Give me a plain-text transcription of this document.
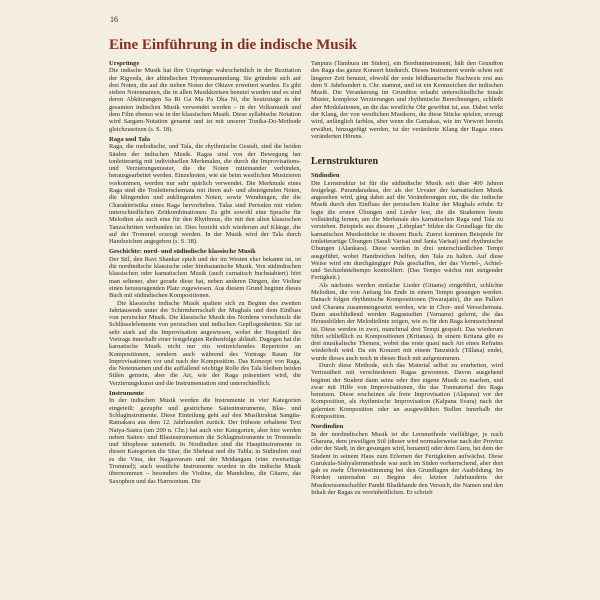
16
Eine Einführung in die indische Musik
Ursprünge

Die indische Musik hat ihre Ursprünge wahrscheinlich in der Rezitation der Rigveda, der altindischen Hymnensammlung. Sie gründete sich auf drei Noten, die auf die sieben Noten der Oktave erweitert wurden. Es gibt sieben Notennamen, die in allen Musikkreisen benutzt wurden und es sind deren Abkürzungen Sa Ri Ga Ma Pa Dha Ni, die heutzutage in der gesamten indischen Musik verwendet werden – in der Volksmusik und dem Film ebenso wie in der klassischen Musik. Diese syllabische Notation wird Sargam-Notation genannt und ist mit unserer Tonika-Do-Methode gleichzusetzen (s. S. 18).

Raga und Tala

Raga, die melodische, und Tala, die rhythmische Gestalt, sind die beiden Säulen der indischen Musik. Ragas sind von der Bewegung her tonleiterartig mit individuellen Merkmalen, die durch die Improvisations- und Verzierungsmuster, die die Noten miteinander verbinden, herausgearbeitet werden. Einzelnoten, wie sie beim westlichen Musizieren vorkommen, werden nur sehr spärlich verwendet. Die Merkmale eines Raga sind die Tonleiterschemata mit ihren auf- und absteigenden Noten, die klingenden und anklingenden Noten, sowie Wendungen, die die Charakteristika eines Raga hervorheben. Talas sind Perioden mit vielen unterschiedlichen Zeitkombinationen. Es gibt sowohl eine Sprache für Melodien als auch eine für den Rhythmus, die mit den alten klassischen Tanzschritten verbunden ist. Dies bezieht sich wiederum auf Klänge, die auf der Trommel erzeugt werden. In der Musik wird der Tala durch Handzeichen angegeben (s. S. 38).

Geschichte: nord- und südindische klassische Musik

Der Stil, den Ravi Shankar spielt und der im Westen eher bekannt ist, ist die nordindische klassische oder hindustanische Musik. Von südindischen klassischen oder karnatischen Musik (auch carnatisch buchstabiert) hört man seltener, aber gerade diese hat, neben anderen Dingen, der Violine einen herausragenden Platz zugewiesen. Aus diesem Grund beginnt dieses Buch mit südindischen Kompositionen.

Die klassische indische Musik spaltete sich zu Beginn des zweiten Jahrtausends unter der Schirmherrschaft der Mughals und dem Einfluss von persischer Musik. Die klassische Musik des Nordens verschmolz die Schlüsselelemente von persischen und indischen Gepflogenheiten. Sie ist sehr stark auf die Improvisation angewiesen, wobei der Hauptteil des Vortrags innerhalb einer festgelegten Reihenfolge abläuft. Dagegen hat die karnatische Musik nicht nur ein weitreichendes Repertoire an Kompositionen, sondern auch während des Vortrags Raum für Improvisationen vor und nach der Komposition. Das Konzept von Raga, die Notennamen und die auffallend wichtige Rolle des Tala bleiben beiden Stilen gemein, aber die Art, wie der Raga präsentiert wird, die Verzierungskunst und die Instrumentation sind unterschiedlich.

Instrumente

In der indischen Musik werden die Instrumente in vier Kategorien eingeteilt: gezupfte und gestrichene Saiteninstrumente, Blas- und Schlaginstrumente. Diese Einteilung geht auf den Musiktraktat Sangita-Ratnakara aus dem 12. Jahrhundert zurück. Der früheste erhaltene Text Natya-Sastra (um 200 n. Chr.) hat auch vier Kategorien, aber hier werden neben Saiten- und Blasinstrumenten die Schlaginstrumente in Trommeln und Idiophone unterteilt. In Nordindien sind die Hauptinstrumente in diesen Kategorien die Sitar, die Shehnai und die Tabla; in Südindien sind es die Vina, der Nagasvaram und der Mridangam (eine zweiseitige Trommel); auch westliche Instrumente wurden in die indische Musik übernommen – besonders die Violine, die Mandoline, die Gitarre, das Saxophon und das Harmonium. Die

Tanpura (Tambura im Süden), ein Borduninstrument, hält den Grundton des Raga das ganze Konzert hindurch. Dieses Instrument wurde schon seit längerer Zeit benutzt, obwohl der erste bildhauerische Nachweis erst aus dem 9. Jahrhundert n. Chr. stammt, und ist ein Kennzeichen der indischen Musik. Die Verankerung im Grundton erlaubt unterschiedliche tonale Muster, komplexe Verzierungen und rhythmische Berechnungen, schließt aber Modulationen, an die das westliche Ohr gewöhnt ist, aus. Dabei wirkt der Klang, der von westlichen Musikern, die diese Stücke spielen, erzeugt wird, anfänglich farblos, aber wenn die Gamakas, wie im Vorwort bereits erwähnt, hinzugefügt werden, ist der veränderte Klang der Ragas eines veränderten Hörens.

Lernstrukturen
Südindien

Die Lernstruktur ist für die südindische Musik seit über 400 Jahren festgelegt. Purandaradasa, der als der Urvater der karnatischen Musik angesehen wird, ging dabei auf die Veränderungen ein, die die indische Musik durch den Einfluss der persischen Kultur der Mughals erfuhr. Er legte die ersten Übungen und Lieder fest, die die Studenten heute vollständig lernen, um die Merkmale des karnatischen Raga und Tala zu verstehen. Beispiele aus diesem „Lehrplan“ bilden die Grundlage für die karnatischen Musikstücke in diesem Buch. Zuerst kommen Beispiele für tonleiterartige Übungen (Sarali Varisai und Janta Varisai) und rhythmische Übungen (Alankara). Diese werden in drei unterschiedlichen Tempi ausgeführt, wobei Handzeichen helfen, den Tala zu halten. Auf diese Weise wird ein durchgängiger Puls geschaffen, der das Viertel-, Achtel- und Sechzehnteltempo kontrolliert. (Das Tempo wächst mit steigender Fertigkeit.)

Als nächstes werden einfache Lieder (Gitams) eingeführt, schlichte Melodien, die von Anfang bis Ende in einem Tempo gesungen werden. Danach folgen rhythmische Kompositionen (Swarajatis), die aus Pallavi und Charana zusammengesetzt werden, wie in Chor- und Versschemata. Dann anschließend werden Ragastudien (Varnams) gelernt, die das Herausbilden der Melodielinie zeigen, wie es für den Raga kennzeichnend ist. Diese werden in zwei, manchmal drei Tempi gespielt. Das wiederum führt schließlich zu Kompositionen (Kritanas). In einem Kritana gibt es drei musikalische Themen, wobei das erste quasi nach Art eines Refrains wiederholt wird. Da ein Konzert mit einem Tanzstück (Tillana) endet, wurde dieses auch noch in dieses Buch mit aufgenommen.

Durch diese Methode, sich das Material selbst zu erarbeiten, wird Vertrautheit mit verschiedenen Ragas gewonnen. Davon ausgehend beginnt der Student dann seine oder ihre eigene Musik zu machen, und zwar mit Hilfe von Improvisationen, die das Tonmaterial des Raga benutzen. Diese erscheinen als freie Improvisation (Alapana) vor der Komposition, als rhythmische Improvisation (Kalpana Svara) nach der gelernten Komposition oder an ausgewählten Stellen innerhalb der Komposition.

Nordindien

In der nordindischen Musik ist die Lernmethode vielfältiger, je nach Gharana, dem jeweiligen Stil (dieser wird normalerweise nach der Provinz oder der Stadt, in der gesungen wird, benannt) oder dem Guru, bei dem der Student in seinem Haus zum Erlernen der Fertigkeiten aufwächst. Diese Gurukula-Sishyalernmethode war auch im Süden vorherrschend, aber dort gab es mehr Übereinstimmung bei den Grundlagen der Ausbildung. Im Norden unternahm zu Beginn des letzten Jahrhunderts der Musikwissenschaftler Pandit Bhatkhande den Versuch, die Namen und den Inhalt der Ragas zu vereinheitlichen. Er schrieb
